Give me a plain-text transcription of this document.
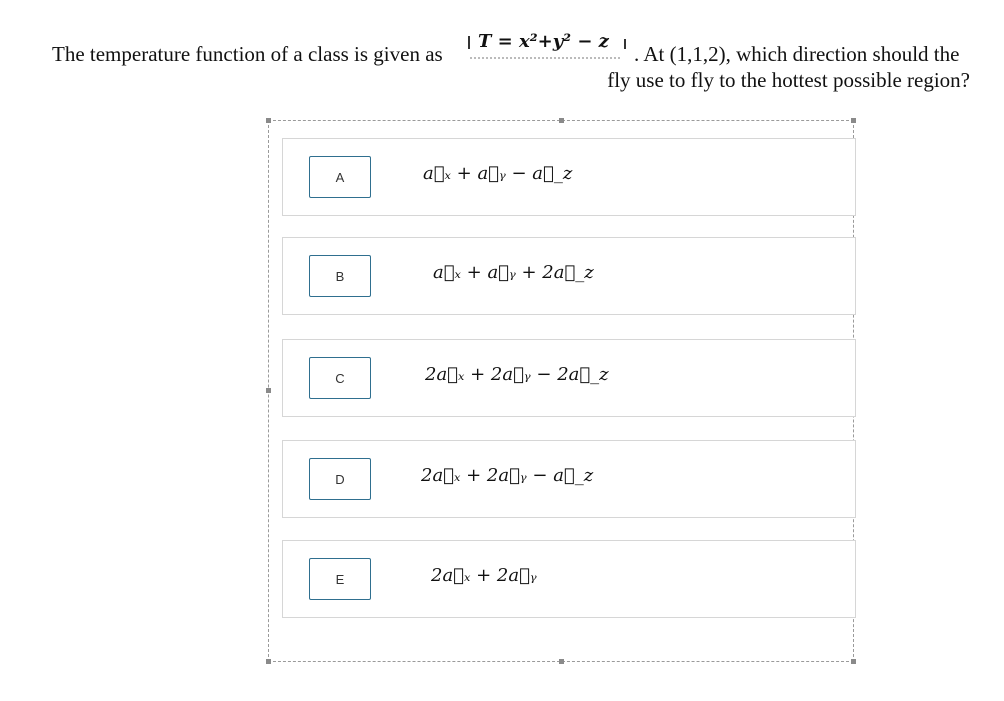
The temperature function of a class is given as
T = x²+y² − z
. At (1,1,2), which direction should the
fly use to fly to the hottest possible region?
A	a⃗ₓ + a⃗ᵧ − a⃗_z
B	a⃗ₓ + a⃗ᵧ + 2a⃗_z
C	2a⃗ₓ + 2a⃗ᵧ − 2a⃗_z
D	2a⃗ₓ + 2a⃗ᵧ − a⃗_z
E	2a⃗ₓ + 2a⃗ᵧ
